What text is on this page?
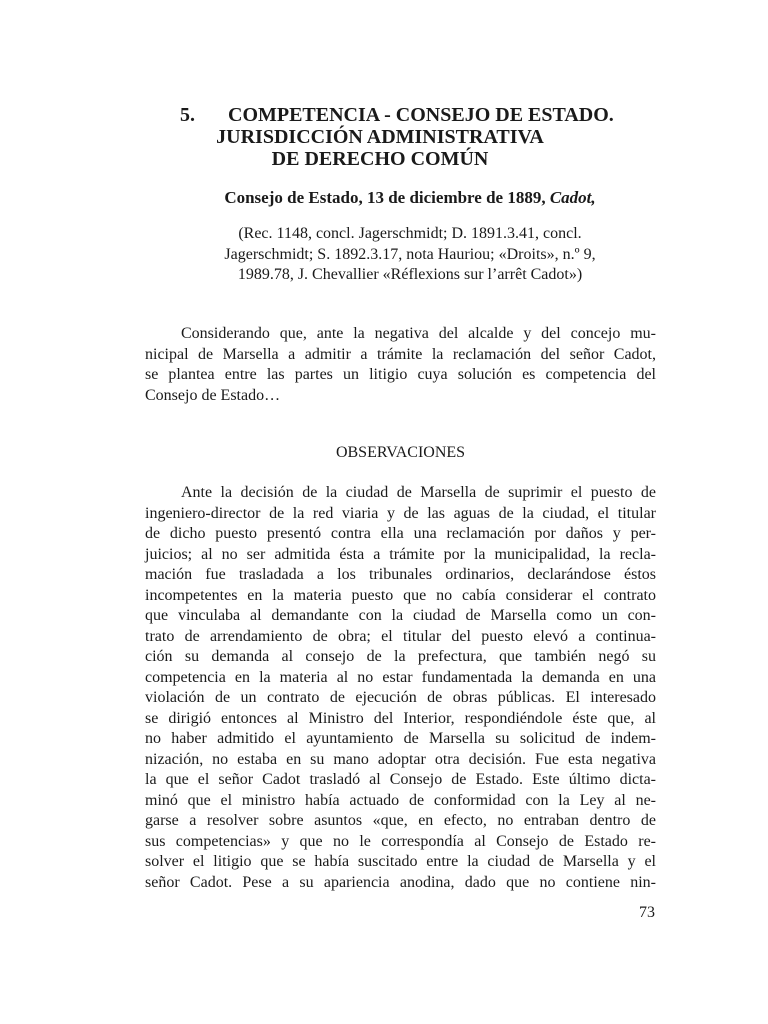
5. COMPETENCIA - CONSEJO DE ESTADO.
JURISDICCIÓN ADMINISTRATIVA
DE DERECHO COMÚN
Consejo de Estado, 13 de diciembre de 1889, Cadot,
(Rec. 1148, concl. Jagerschmidt; D. 1891.3.41, concl.
Jagerschmidt; S. 1892.3.17, nota Hauriou; «Droits», n.º 9,
1989.78, J. Chevallier «Réflexions sur l’arrêt Cadot»)
Considerando que, ante la negativa del alcalde y del concejo mu-
nicipal de Marsella a admitir a trámite la reclamación del señor Cadot,
se plantea entre las partes un litigio cuya solución es competencia del
Consejo de Estado…
OBSERVACIONES
Ante la decisión de la ciudad de Marsella de suprimir el puesto de
ingeniero-director de la red viaria y de las aguas de la ciudad, el titular
de dicho puesto presentó contra ella una reclamación por daños y per-
juicios; al no ser admitida ésta a trámite por la municipalidad, la recla-
mación fue trasladada a los tribunales ordinarios, declarándose éstos
incompetentes en la materia puesto que no cabía considerar el contrato
que vinculaba al demandante con la ciudad de Marsella como un con-
trato de arrendamiento de obra; el titular del puesto elevó a continua-
ción su demanda al consejo de la prefectura, que también negó su
competencia en la materia al no estar fundamentada la demanda en una
violación de un contrato de ejecución de obras públicas. El interesado
se dirigió entonces al Ministro del Interior, respondiéndole éste que, al
no haber admitido el ayuntamiento de Marsella su solicitud de indem-
nización, no estaba en su mano adoptar otra decisión. Fue esta negativa
la que el señor Cadot trasladó al Consejo de Estado. Este último dicta-
minó que el ministro había actuado de conformidad con la Ley al ne-
garse a resolver sobre asuntos «que, en efecto, no entraban dentro de
sus competencias» y que no le correspondía al Consejo de Estado re-
solver el litigio que se había suscitado entre la ciudad de Marsella y el
señor Cadot. Pese a su apariencia anodina, dado que no contiene nin-
73
